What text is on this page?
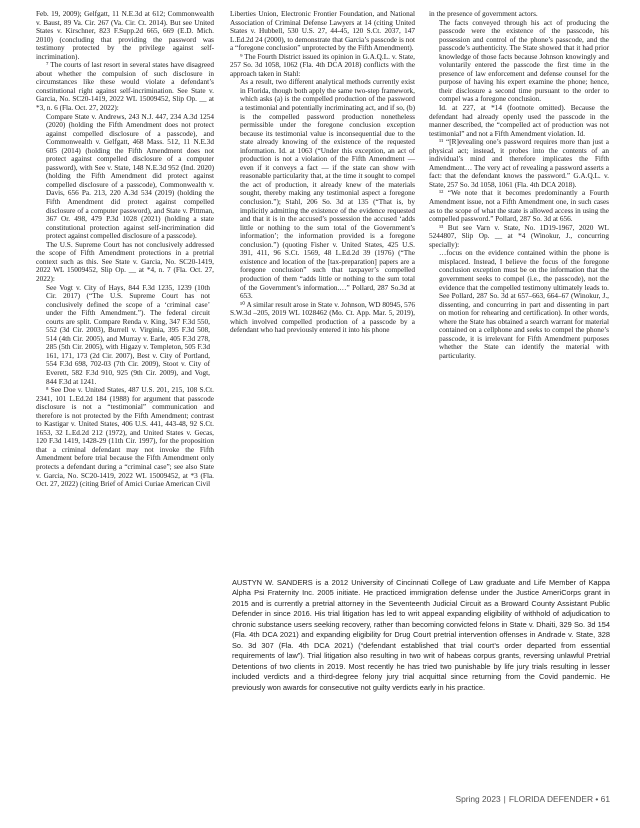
Feb. 19, 2009); Gelfgatt, 11 N.E.3d at 612; Commonwealth v. Baust, 89 Va. Cir. 267 (Va. Cir. Ct. 2014). But see United States v. Kirschner, 823 F.Supp.2d 665, 669 (E.D. Mich. 2010) (concluding that providing the password was testimony protected by the privilege against self-incrimination).

⁷ The courts of last resort in several states have disagreed about whether the compulsion of such disclosure in circumstances like these would violate a defendant’s constitutional right against self-incrimination. See State v. Garcia, No. SC20-1419, 2022 WL 15009452, Slip Op. __ at *3, n. 6 (Fla. Oct. 27, 2022):

Compare State v. Andrews, 243 N.J. 447, 234 A.3d 1254 (2020) (holding the Fifth Amendment does not protect against compelled disclosure of a passcode), and Commonwealth v. Gelfgatt, 468 Mass. 512, 11 N.E.3d 605 (2014) (holding the Fifth Amendment does not protect against compelled disclosure of a computer password), with See v. State, 148 N.E.3d 952 (Ind. 2020) (holding the Fifth Amendment did protect against compelled disclosure of a passcode), Commonwealth v. Davis, 656 Pa. 213, 220 A.3d 534 (2019) (holding the Fifth Amendment did protect against compelled disclosure of a computer password), and State v. Pittman, 367 Or. 498, 479 P.3d 1028 (2021) (holding a state constitutional protection against self-incrimination did protect against compelled disclosure of a passcode).

The U.S. Supreme Court has not conclusively addressed the scope of Fifth Amendment protections in a pretrial context such as this. See State v. Garcia, No. SC20-1419, 2022 WL 15009452, Slip Op. __ at *4, n. 7 (Fla. Oct. 27, 2022):

See Vogt v. City of Hays, 844 F.3d 1235, 1239 (10th Cir. 2017) (“The U.S. Supreme Court has not conclusively defined the scope of a ‘criminal case’ under the Fifth Amendment.”). The federal circuit courts are split. Compare Renda v. King, 347 F.3d 550, 552 (3d Cir. 2003), Burrell v. Virginia, 395 F.3d 508, 514 (4th Cir. 2005), and Murray v. Earle, 405 F.3d 278, 285 (5th Cir. 2005), with Higazy v. Templeton, 505 F.3d 161, 171, 173 (2d Cir. 2007), Best v. City of Portland, 554 F.3d 698, 702-03 (7th Cir. 2009), Stoot v. City of Everett, 582 F.3d 910, 925 (9th Cir. 2009), and Vogt, 844 F.3d at 1241.

⁸ See Doe v. United States, 487 U.S. 201, 215, 108 S.Ct. 2341, 101 L.Ed.2d 184 (1988) for argument that passcode disclosure is not a “testimonial” communication and therefore is not protected by the Fifth Amendment; contrast to Kastigar v. United States, 406 U.S. 441, 443-48, 92 S.Ct. 1653, 32 L.Ed.2d 212 (1972), and United States v. Gecas, 120 F.3d 1419, 1428-29 (11th Cir. 1997), for the proposition that a criminal defendant may not invoke the Fifth Amendment before trial because the Fifth Amendment only protects a defendant during a “criminal case”; see also State v. Garcia, No. SC20-1419, 2022 WL 15009452, at *3 (Fla. Oct. 27, 2022) (citing Brief of Amici Curiae American Civil

Liberties Union, Electronic Frontier Foundation, and National Association of Criminal Defense Lawyers at 14 (citing United States v. Hubbell, 530 U.S. 27, 44-45, 120 S.Ct. 2037, 147 L.Ed.2d 24 (2000), to demonstrate that Garcia’s passcode is not a “foregone conclusion” unprotected by the Fifth Amendment).

⁹ The Fourth District issued its opinion in G.A.Q.L. v. State, 257 So. 3d 1058, 1062 (Fla. 4th DCA 2018) conflicts with the approach taken in Stahl:

As a result, two different analytical methods currently exist in Florida, though both apply the same two-step framework, which asks (a) is the compelled production of the password a testimonial and potentially incriminating act, and if so, (b) is the compelled password production nonetheless permissible under the foregone conclusion exception because its testimonial value is inconsequential due to the state already knowing of the existence of the requested information. Id. at 1063 (“Under this exception, an act of production is not a violation of the Fifth Amendment — even if it conveys a fact — if the state can show with reasonable particularity that, at the time it sought to compel the act of production, it already knew of the materials sought, thereby making any testimonial aspect a foregone conclusion.”); Stahl, 206 So. 3d at 135 (“That is, by implicitly admitting the existence of the evidence requested and that it is in the accused’s possession the accused ‘adds little or nothing to the sum total of the Government’s information’; the information provided is a foregone conclusion.”) (quoting Fisher v. United States, 425 U.S. 391, 411, 96 S.Ct. 1569, 48 L.Ed.2d 39 (1976) (“The existence and location of the [tax-preparation] papers are a foregone conclusion” such that taxpayer’s compelled production of them “adds little or nothing to the sum total of the Government’s information.…” Pollard, 287 So.3d at 653.

¹⁰ A similar result arose in State v. Johnson, WD 80945, 576 S.W.3d –205, 2019 WL 1028462 (Mo. Ct. App. Mar. 5, 2019), which involved compelled production of a passcode by a defendant who had previously entered it into his phone

in the presence of government actors.

The facts conveyed through his act of producing the passcode were the existence of the passcode, his possession and control of the phone’s passcode, and the passcode’s authenticity. The State showed that it had prior knowledge of those facts because Johnson knowingly and voluntarily entered the passcode the first time in the presence of law enforcement and defense counsel for the purpose of having his expert examine the phone; hence, their disclosure a second time pursuant to the order to compel was a foregone conclusion.

Id. at 227, at *14 (footnote omitted). Because the defendant had already openly used the passcode in the manner described, the “compelled act of production was not testimonial” and not a Fifth Amendment violation. Id.

¹¹ “[R]evealing one’s password requires more than just a physical act; instead, it probes into the contents of an individual’s mind and therefore implicates the Fifth Amendment… The very act of revealing a password asserts a fact: that the defendant knows the password.” G.A.Q.L. v. State, 257 So. 3d 1058, 1061 (Fla. 4th DCA 2018).

¹² “We note that it becomes predominantly a Fourth Amendment issue, not a Fifth Amendment one, in such cases as to the scope of what the state is allowed access in using the compelled password.” Pollard, 287 So. 3d at 656.

¹³ But see Varn v. State, No. 1D19-1967, 2020 WL 5244807, Slip Op. __ at *4 (Winokur, J., concurring specially):

…focus on the evidence contained within the phone is misplaced. Instead, I believe the focus of the foregone conclusion exception must be on the information that the government seeks to compel (i.e., the passcode), not the evidence that the compelled testimony ultimately leads to. See Pollard, 287 So. 3d at 657–663, 664–67 (Winokur, J., dissenting, and concurring in part and dissenting in part on motion for rehearing and certification). In other words, where the State has obtained a search warrant for material contained on a cellphone and seeks to compel the phone’s passcode, it is irrelevant for Fifth Amendment purposes whether the State can identify the material with particularity.

AUSTYN W. SANDERS is a 2012 University of Cincinnati College of Law graduate and Life Member of Kappa Alpha Psi Fraternity Inc. 2005 initiate. He practiced immigration defense under the Justice AmeriCorps grant in 2015 and is currently a pretrial attorney in the Seventeenth Judicial Circuit as a Broward County Assistant Public Defender in since 2016. His trial litigation has led to writ appeal expanding eligibility of withhold of adjudication to chronic substance users seeking recovery, rather than becoming convicted felons in State v. Dhaiti, 329 So. 3d 154 (Fla. 4th DCA 2021) and expanding eligibility for Drug Court pretrial intervention offenses in Andrade v. State, 328 So. 3d 307 (Fla. 4th DCA 2021) (“defendant established that trial court’s order departed from essential requirements of law”). Trial litigation also resulting in two writ of habeas corpus grants, reversing unlawful Pretrial Detentions of two clients in 2019. Most recently he has tried two punishable by life jury trials resulting in lesser included verdicts and a third-degree felony jury trial acquittal since returning from the Covid pandemic. He previously won awards for consecutive not guilty verdicts early in his practice.

Spring 2023 | FLORIDA DEFENDER • 61
